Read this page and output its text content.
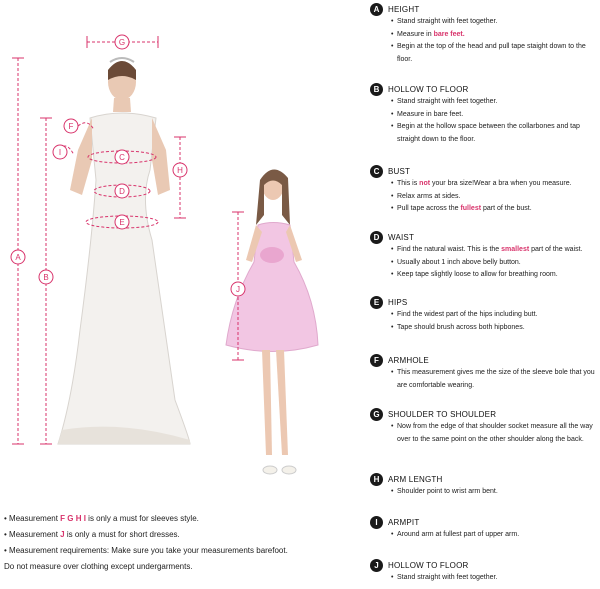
A
B
C
D
E
F
G
H
I
J
• Measurement F G H I is only a must for sleeves style.
• Measurement J is only a must for short dresses.
• Measurement requirements: Make sure you take your measurements barefoot.
Do not measure over clothing except undergarments.
A	HEIGHT
• Stand straight with feet together.
• Measure in bare feet.
• Begin at the top of the head and pull tape staight down to the floor.
B	HOLLOW TO FLOOR
• Stand straight with feet together.
• Measure in bare feet.
• Begin at the hollow space between the collarbones and tap straight down to the floor.
C	BUST
• This is not your bra size!Wear a bra when you measure.
• Relax arms at sides.
• Pull tape across the fullest part of the bust.
D	WAIST
• Find the natural waist. This is the smallest part of the waist.
• Usually about 1 inch above belly button.
• Keep tape slightly loose to allow for breathing room.
E	HIPS
• Find the widest part of the hips including butt.
• Tape should brush across both hipbones.
F	ARMHOLE
• This measurement gives me the size of the sleeve bole that you are comfortable wearing.
G	SHOULDER TO SHOULDER
• Now from the edge of that shoulder socket measure all the way over to the same point on the other shoulder along the back.
H	ARM LENGTH
• Shoulder point to wrist arm bent.
I	ARMPIT
• Around arm at fullest part of upper arm.
J	HOLLOW TO FLOOR
• Stand straight with feet together.
